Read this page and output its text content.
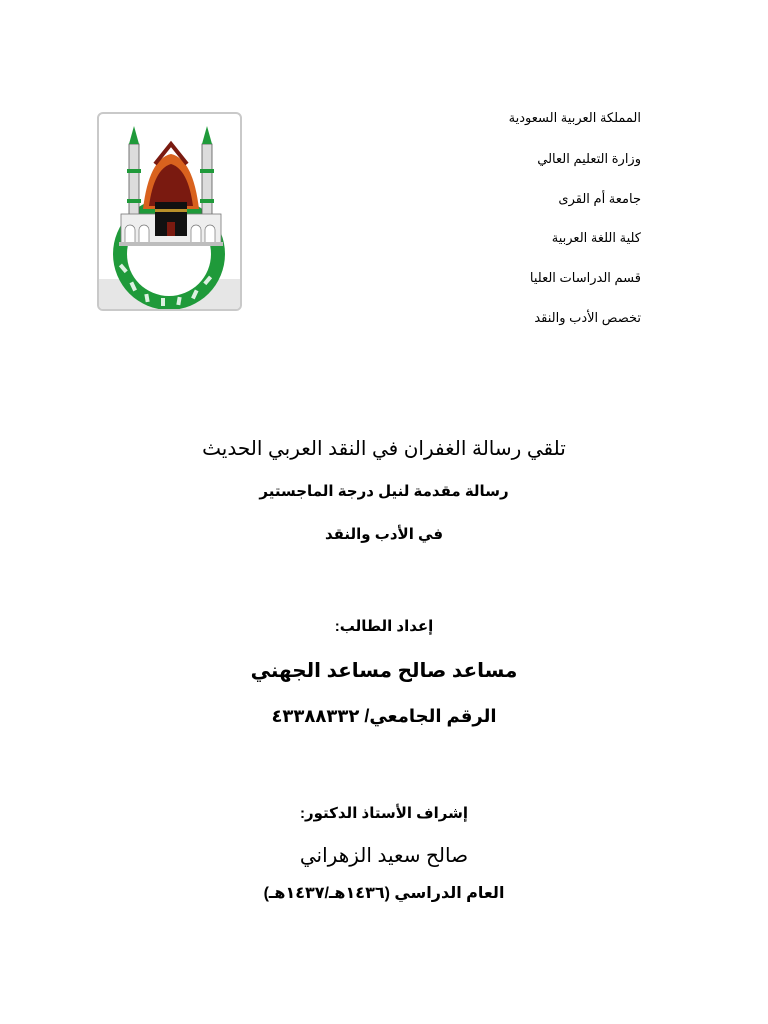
المملكة العربية السعودية
وزارة التعليم العالي
جامعة أم القرى
كلية اللغة العربية
قسم الدراسات العليا
تخصص الأدب والنقد
تلقي رسالة الغفران في النقد العربي الحديث
رسالة مقدمة لنيل درجة الماجستير
في الأدب والنقد
إعداد الطالب:
مساعد صالح مساعد الجهني
الرقم الجامعي/ ٤٣٣٨٨٣٣٢
إشراف الأستاذ الدكتور:
صالح سعيد الزهراني
العام الدراسي (١٤٣٦هـ/١٤٣٧هـ)
